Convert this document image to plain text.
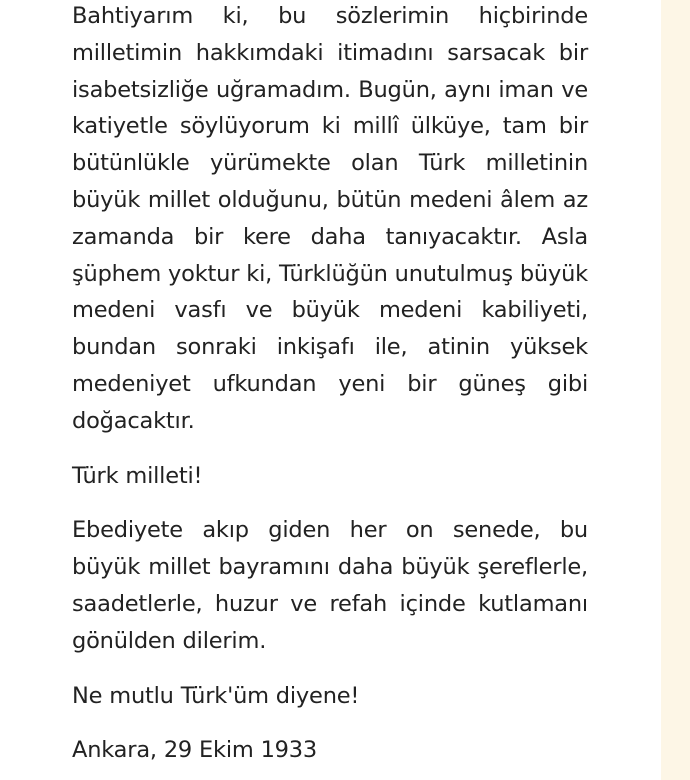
Bahtiyarım ki, bu sözlerimin hiçbirinde milletimin hakkımdaki itimadını sarsacak bir isabetsizliğe uğramadım. Bugün, aynı iman ve katiyetle söylüyorum ki millî ülküye, tam bir bütünlükle yürümekte olan Türk milletinin büyük millet olduğunu, bütün medeni âlem az zamanda bir kere daha tanıyacaktır. Asla şüphem yoktur ki, Türklüğün unutulmuş büyük medeni vasfı ve büyük medeni kabiliyeti, bundan sonraki inkişafı ile, atinin yüksek medeniyet ufkundan yeni bir güneş gibi doğacaktır.

Türk milleti!

Ebediyete akıp giden her on senede, bu büyük millet bayramını daha büyük şereflerle, saadetlerle, huzur ve refah içinde kutlamanı gönülden dilerim.

Ne mutlu Türk'üm diyene!

Ankara, 29 Ekim 1933
